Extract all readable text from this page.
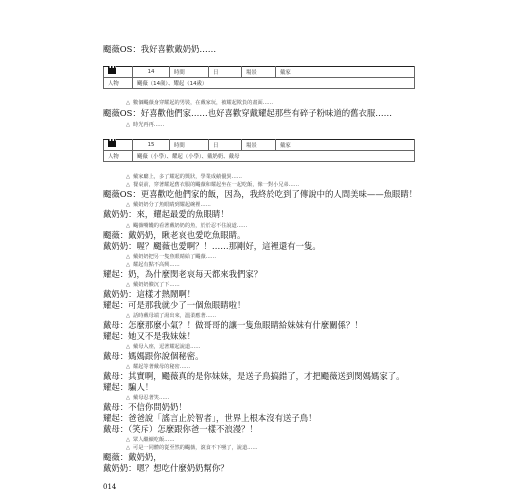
颺薇OS：我好喜歡戴奶奶……
	14	時間	日	場景	戴家
人物	颺薇（14歲）、耀起（14歲）				
△ 數個颺薇身穿耀起的男裝，在戴家玩，被耀起欺負的畫面……
颺薇OS：好喜歡他們家……也好喜歡穿戴耀起那些有碎子粉味道的舊衣服……
△ 時光再再……
	15	時間	日	場景	戴家
人物	颺薇（小學）、耀起（小學）、戴奶奶、戴母				
△ 戴家廳上，多了耀起的獎狀，學業成績優異……
△ 餐桌前，穿著耀起舊衣服的颺薇和耀起坐在一起吃飯，像一對小兄弟……
颺薇OS：更喜歡吃他們家的飯，因為，我終於吃到了傳說中的人間美味——魚眼睛！
△ 戴奶奶分了魚眼睛到耀起碗裡……
戴奶奶：來，耀起最愛的魚眼睛！
△ 颺薇嘴饞的看著戴奶奶的魚，於於忍不住說道……
颺薇：戴奶奶，瞅老哀也愛吃魚眼睛。
戴奶奶：喔？颺薇也愛啊？！……那剛好，這裡還有一隻。
△ 戴奶奶把另一隻魚眼睛給了颺薇……
△ 耀起有點不高興……
耀起：奶，為什麼閔老哀每天都來我們家？
△ 戴奶奶臉沉了下……
戴奶奶：這樣才熱鬧啊！
耀起：可是那我就少了一個魚眼睛啦！
△ 話時戴母端了湯出來，溫柔應著……
戴母：怎麼那麼小氣？！做哥哥的讓一隻魚眼睛給妹妹有什麼關係？！
耀起：她又不是我妹妹！
△ 戴母入座，逗著耀起說道……
戴母：媽媽跟你說個秘密。
△ 耀起等著戴母的秘密……
戴母：其實啊，颺薇真的是你妹妹，是送子鳥搞錯了，才把颺薇送到閔媽媽家了。
耀起：騙人！
△ 戴母忍著笑……
戴母：不信你問奶奶！
耀起：爸爸說「謠言止於智者」，世界上根本沒有送子鳥！
戴母：（笑斥）怎麼跟你爸一樣不浪漫？！
△ 眾人繼續吃飯……
△ 可是一同體的從至然的颺薇，滾食不下嚥了，說道……
颺薇：戴奶奶，
戴奶奶：嗯？想吃什麼奶奶幫你？
014
